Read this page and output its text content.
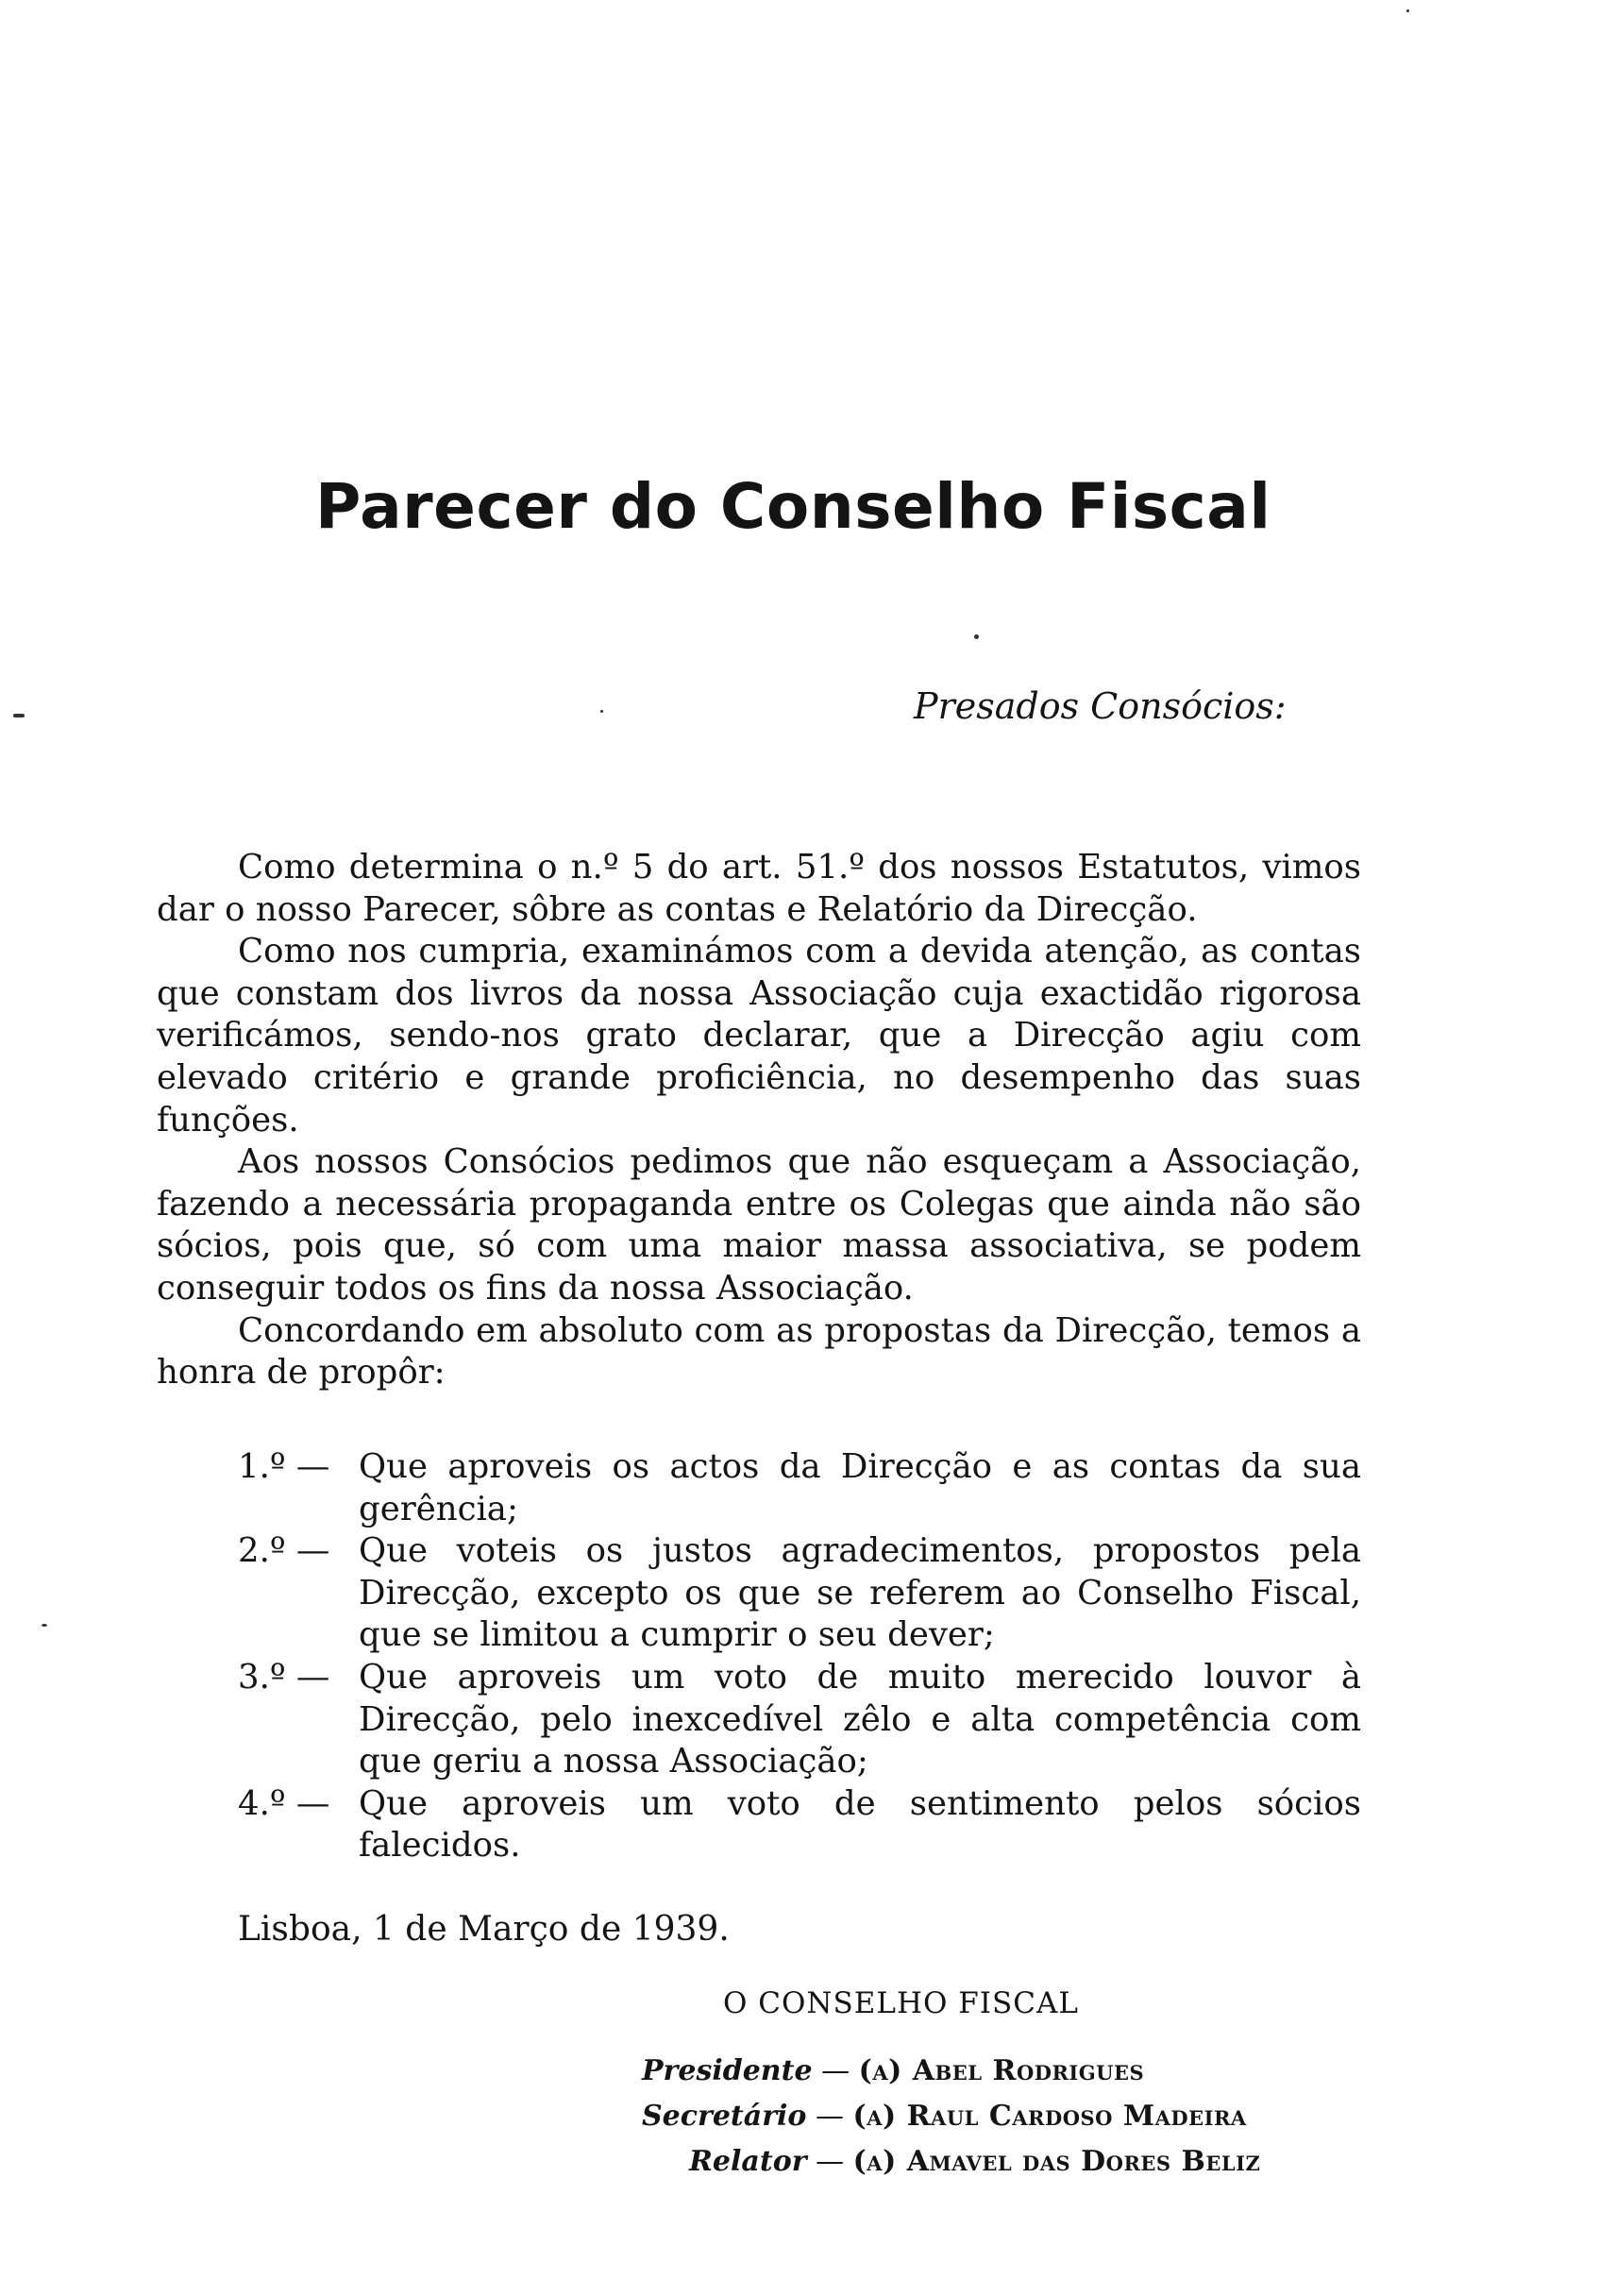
Parecer do Conselho Fiscal
Presados Consócios:

Como determina o n.º 5 do art. 51.º dos nossos Estatutos, vimos dar o nosso Parecer, sôbre as contas e Relatório da Direcção.

Como nos cumpria, examinámos com a devida atenção, as contas que constam dos livros da nossa Associação cuja exactidão rigorosa verificámos, sendo-nos grato declarar, que a Direcção agiu com elevado critério e grande proficiência, no desempenho das suas funções.

Aos nossos Consócios pedimos que não esqueçam a Associação, fazendo a necessária propaganda entre os Colegas que ainda não são sócios, pois que, só com uma maior massa associativa, se podem conseguir todos os fins da nossa Associação.

Concordando em absoluto com as propostas da Direcção, temos a honra de propôr:

1.º — Que aproveis os actos da Direcção e as contas da sua gerência;
2.º — Que voteis os justos agradecimentos, propostos pela Direcção, excepto os que se referem ao Conselho Fiscal, que se limitou a cumprir o seu dever;
3.º — Que aproveis um voto de muito merecido louvor à Direcção, pelo inexcedível zêlo e alta competência com que geriu a nossa Associação;
4.º — Que aproveis um voto de sentimento pelos sócios falecidos.
Lisboa, 1 de Março de 1939.
O CONSELHO FISCAL
Presidente — (a) Abel Rodrigues
Secretário — (a) Raul Cardoso Madeira
Relator — (a) Amavel das Dores Beliz
